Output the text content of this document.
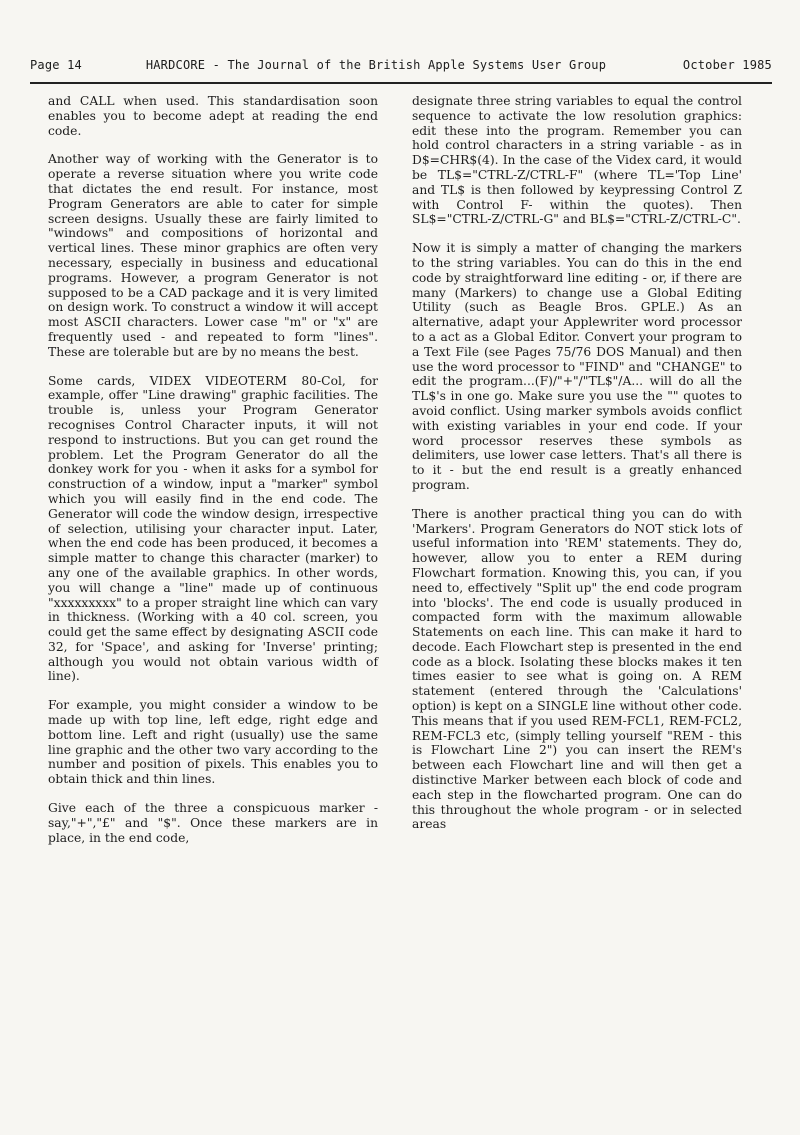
Page 14	HARDCORE - The Journal of the British Apple Systems User Group	October 1985

and CALL when used. This standardisation soon enables you to become adept at reading the end code.

Another way of working with the Generator is to operate a reverse situation where you write code that dictates the end result. For instance, most Program Generators are able to cater for simple screen designs. Usually these are fairly limited to "windows" and compositions of horizontal and vertical lines. These minor graphics are often very necessary, especially in business and educational programs. However, a program Generator is not supposed to be a CAD package and it is very limited on design work. To construct a window it will accept most ASCII characters. Lower case "m" or "x" are frequently used - and repeated to form "lines". These are tolerable but are by no means the best.

Some cards, VIDEX VIDEOTERM 80-Col, for example, offer "Line drawing" graphic facilities. The trouble is, unless your Program Generator recognises Control Character inputs, it will not respond to instructions. But you can get round the problem. Let the Program Generator do all the donkey work for you - when it asks for a symbol for construction of a window, input a "marker" symbol which you will easily find in the end code. The Generator will code the window design, irrespective of selection, utilising your character input. Later, when the end code has been produced, it becomes a simple matter to change this character (marker) to any one of the available graphics. In other words, you will change a "line" made up of continuous "xxxxxxxxx" to a proper straight line which can vary in thickness. (Working with a 40 col. screen, you could get the same effect by designating ASCII code 32, for 'Space', and asking for 'Inverse' printing; although you would not obtain various width of line).

For example, you might consider a window to be made up with top line, left edge, right edge and bottom line. Left and right (usually) use the same line graphic and the other two vary according to the number and position of pixels. This enables you to obtain thick and thin lines.

Give each of the three a conspicuous marker -say,"+","£" and "$". Once these markers are in place, in the end code,

designate three string variables to equal the control sequence to activate the low resolution graphics: edit these into the program. Remember you can hold control characters in a string variable - as in D$=CHR$(4). In the case of the Videx card, it would be TL$="CTRL-Z/CTRL-F" (where TL='Top Line' and TL$ is then followed by keypressing Control Z with Control F- within the quotes). Then SL$="CTRL-Z/CTRL-G" and BL$="CTRL-Z/CTRL-C".

Now it is simply a matter of changing the markers to the string variables. You can do this in the end code by straightforward line editing - or, if there are many (Markers) to change use a Global Editing Utility (such as Beagle Bros. GPLE.) As an alternative, adapt your Applewriter word processor to a act as a Global Editor. Convert your program to a Text File (see Pages 75/76 DOS Manual) and then use the word processor to "FIND" and "CHANGE" to edit the program...(F)/"+"/"TL$"/A... will do all the TL$'s in one go. Make sure you use the "" quotes to avoid conflict. Using marker symbols avoids conflict with existing variables in your end code. If your word processor reserves these symbols as delimiters, use lower case letters. That's all there is to it - but the end result is a greatly enhanced program.

There is another practical thing you can do with 'Markers'. Program Generators do NOT stick lots of useful information into 'REM' statements. They do, however, allow you to enter a REM during Flowchart formation. Knowing this, you can, if you need to, effectively "Split up" the end code program into 'blocks'. The end code is usually produced in compacted form with the maximum allowable Statements on each line. This can make it hard to decode. Each Flowchart step is presented in the end code as a block. Isolating these blocks makes it ten times easier to see what is going on. A REM statement (entered through the 'Calculations' option) is kept on a SINGLE line without other code. This means that if you used REM-FCL1, REM-FCL2, REM-FCL3 etc, (simply telling yourself "REM - this is Flowchart Line 2") you can insert the REM's between each Flowchart line and will then get a distinctive Marker between each block of code and each step in the flowcharted program. One can do this throughout the whole program - or in selected areas
